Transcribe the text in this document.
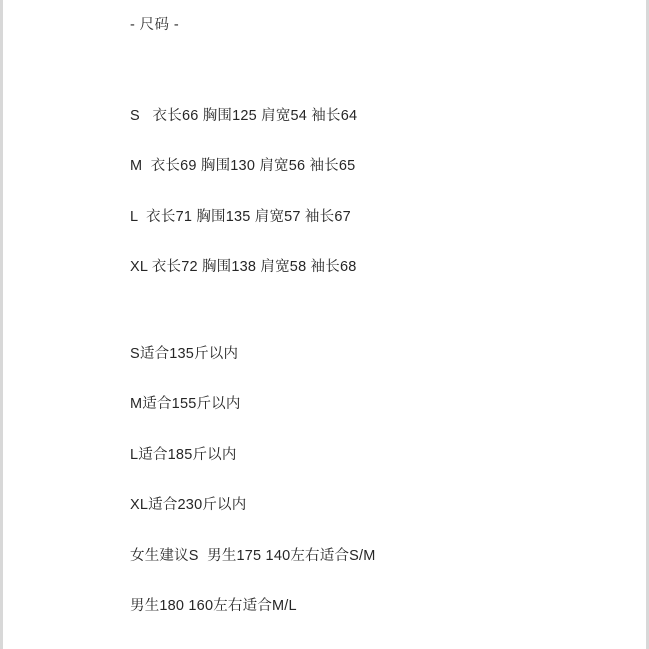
- 尺码 -
S   衣长66 胸围125 肩宽54 袖长64
M  衣长69 胸围130 肩宽56 袖长65
L  衣长71 胸围135 肩宽57 袖长67
XL 衣长72 胸围138 肩宽58 袖长68
S适合135斤以内
M适合155斤以内
L适合185斤以内
XL适合230斤以内
女生建议S  男生175 140左右适合S/M
男生180 160左右适合M/L
